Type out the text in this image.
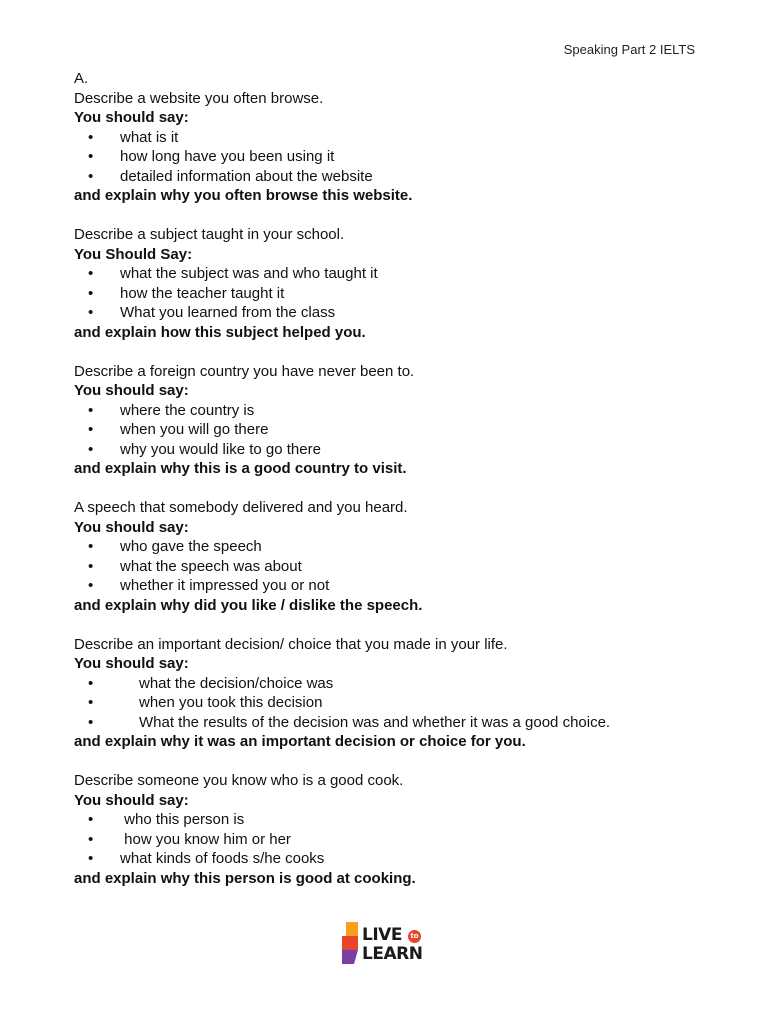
Speaking Part 2 IELTS
A.
Describe a website you often browse.
You should say:
•	what is it
•	how long have you been using it
•	detailed information about the website
and explain why you often browse this website.
Describe a subject taught in your school.
You Should Say:
•	what the subject was and who taught it
•	how the teacher taught it
•	What you learned from the class
and explain how this subject helped you.
Describe a foreign country you have never been to.
You should say:
•	where the country is
•	when you will go there
•	why you would like to go there
and explain why this is a good country to visit.
A speech that somebody delivered and you heard.
You should say:
•	who gave the speech
•	what the speech was about
•	whether it impressed you or not
and explain why did you like / dislike the speech.
Describe an important decision/ choice that you made in your life.
You should say:
•	what the decision/choice was
•	when you took this decision
•	What the results of the decision was and whether it was a good choice.
and explain why it was an important decision or choice for you.
Describe someone you know who is a good cook.
You should say:
•	who this person is
•	how you know him or her
•	what kinds of foods s/he cooks
and explain why this person is good at cooking.
LIVE	to
LEARN
